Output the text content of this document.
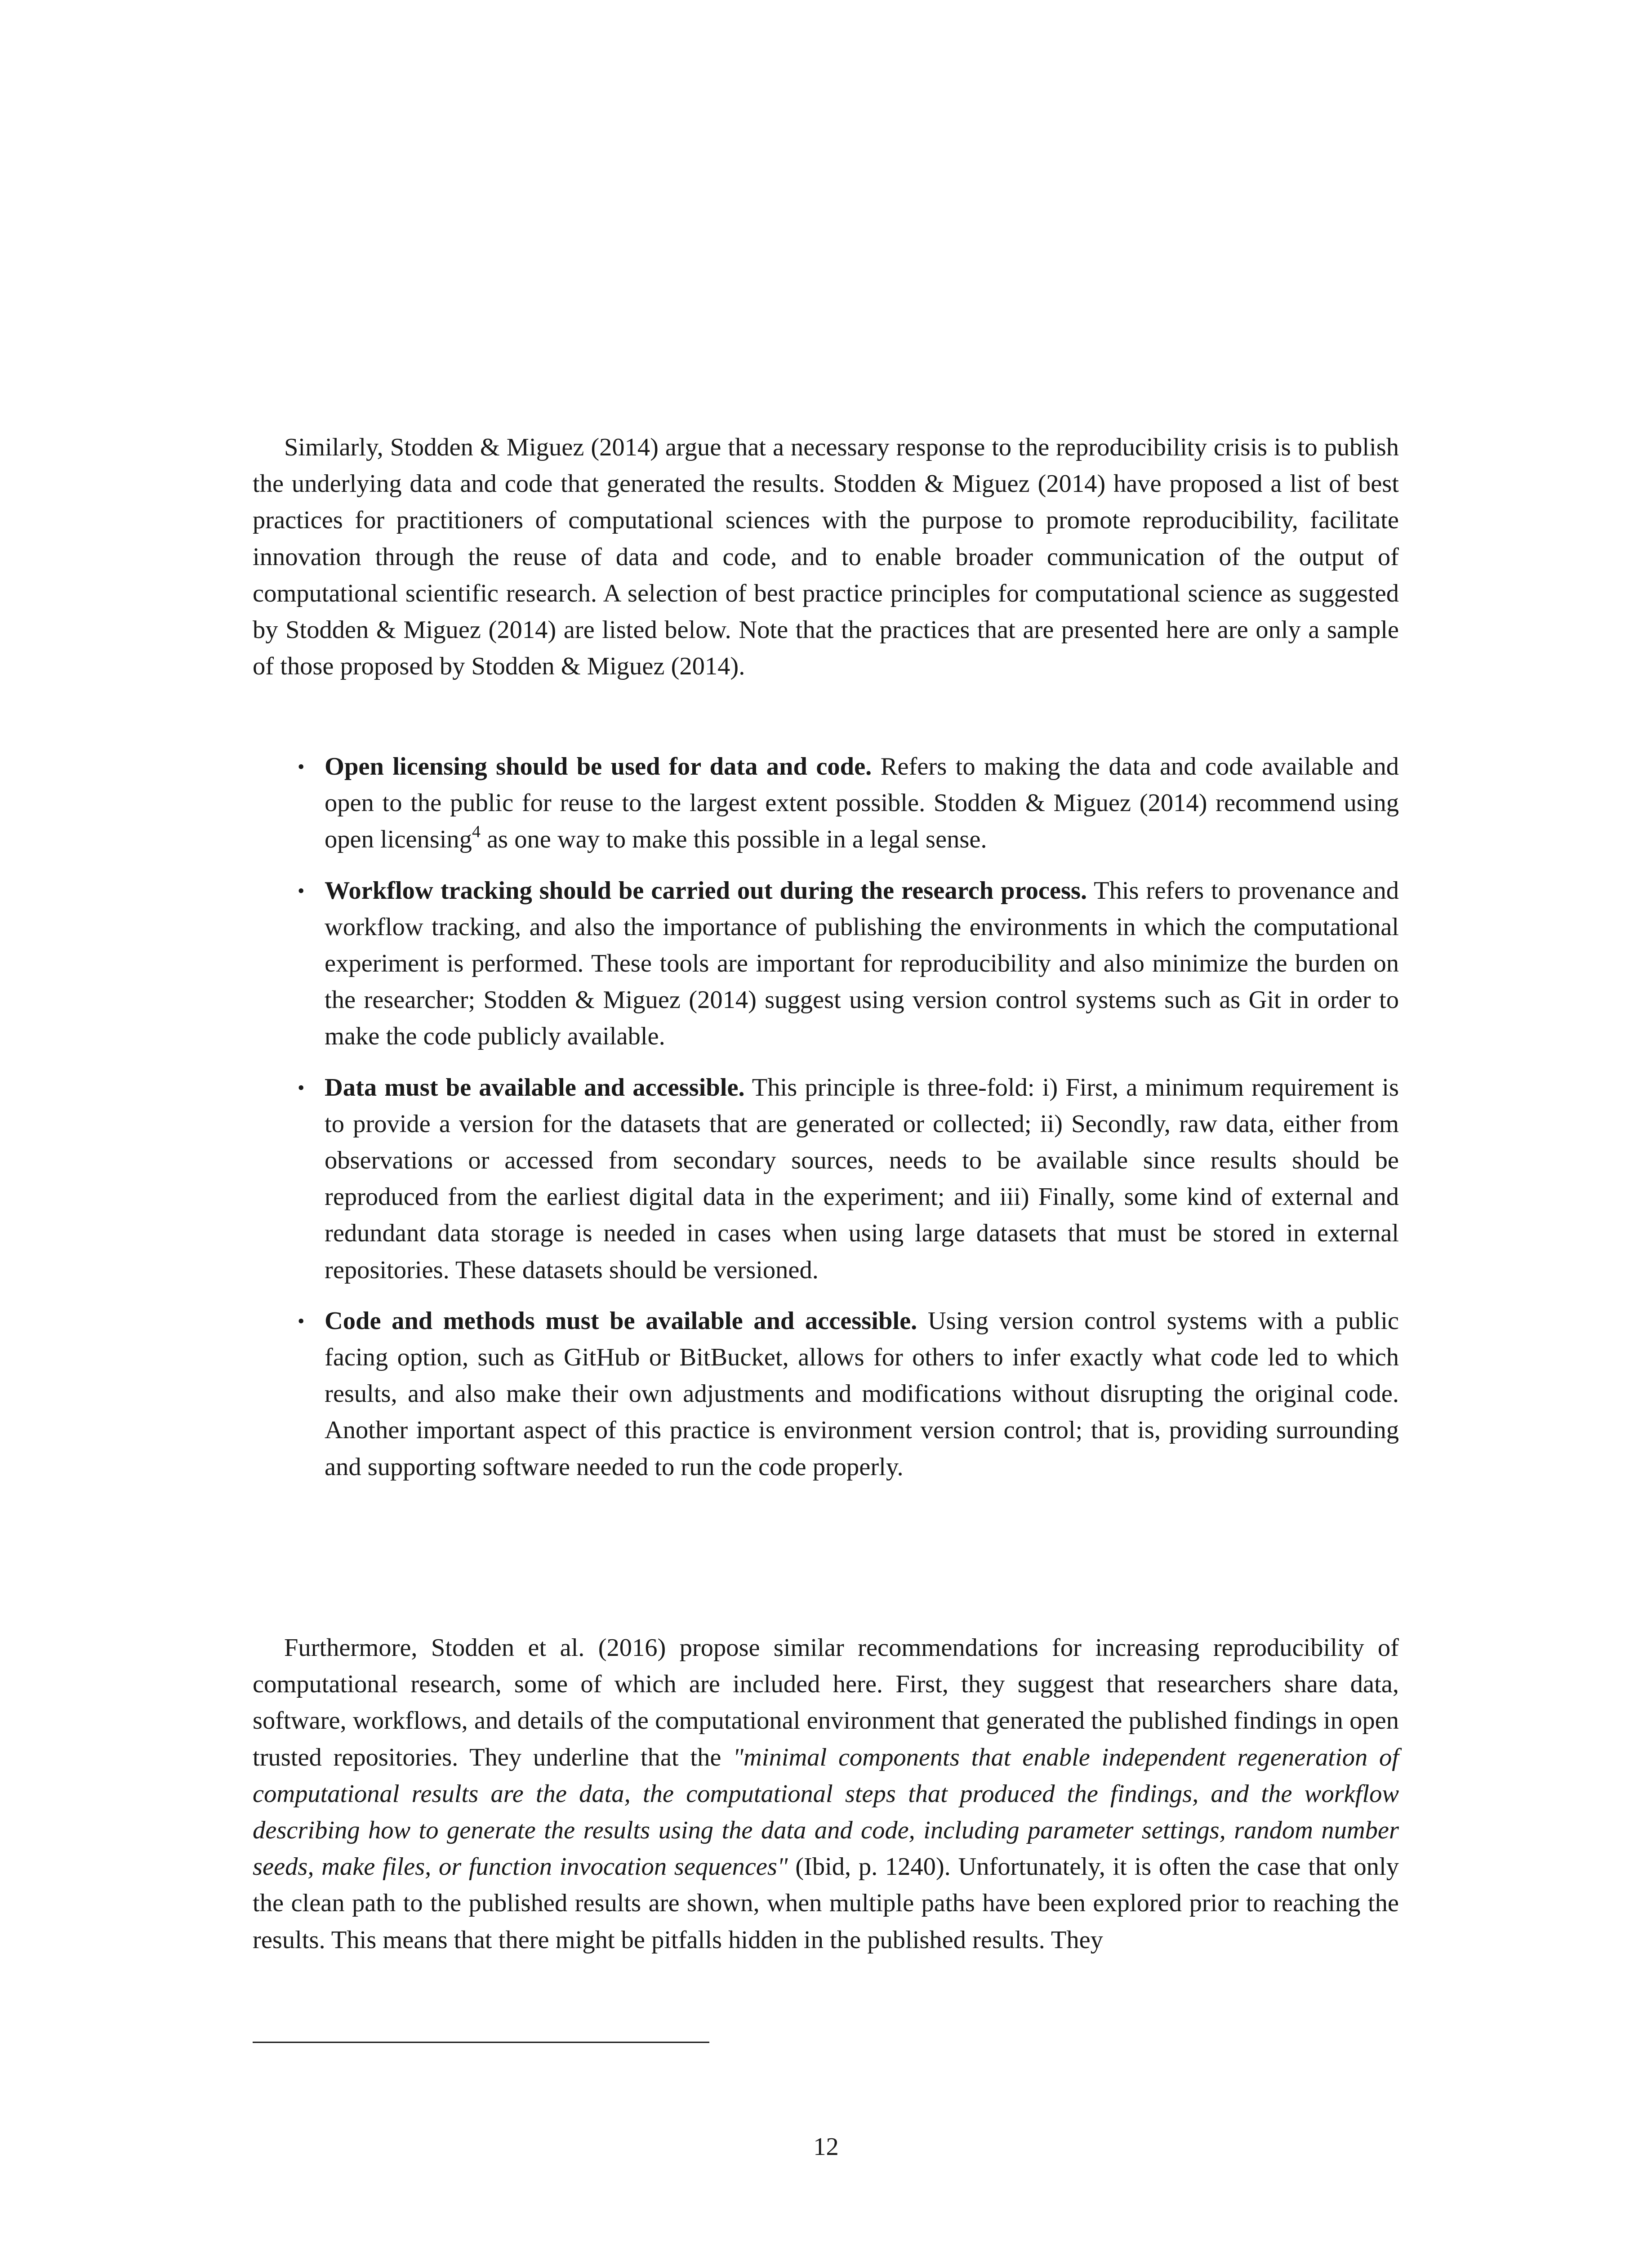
Similarly, Stodden & Miguez (2014) argue that a necessary response to the reproducibility crisis is to publish the underlying data and code that generated the results. Stodden & Miguez (2014) have proposed a list of best practices for practitioners of computational sciences with the purpose to promote reproducibility, facilitate innovation through the reuse of data and code, and to enable broader communication of the output of computational scientific research. A selection of best practice principles for computational science as suggested by Stodden & Miguez (2014) are listed below. Note that the practices that are presented here are only a sample of those proposed by Stodden & Miguez (2014).

• Open licensing should be used for data and code. Refers to making the data and code available and open to the public for reuse to the largest extent possible. Stodden & Miguez (2014) recommend using open licensing$^4$ as one way to make this possible in a legal sense.
• Workflow tracking should be carried out during the research process. This refers to provenance and workflow tracking, and also the importance of publishing the environments in which the computational experiment is performed. These tools are important for reproducibility and also minimize the burden on the researcher; Stodden & Miguez (2014) suggest using version control systems such as Git in order to make the code publicly available.
• Data must be available and accessible. This principle is three-fold: i) First, a minimum requirement is to provide a version for the datasets that are generated or collected; ii) Secondly, raw data, either from observations or accessed from secondary sources, needs to be available since results should be reproduced from the earliest digital data in the experiment; and iii) Finally, some kind of external and redundant data storage is needed in cases when using large datasets that must be stored in external repositories. These datasets should be versioned.
• Code and methods must be available and accessible. Using version control systems with a public facing option, such as GitHub or BitBucket, allows for others to infer exactly what code led to which results, and also make their own adjustments and modifications without disrupting the original code. Another important aspect of this practice is environment version control; that is, providing surrounding and supporting software needed to run the code properly.

Furthermore, Stodden et al. (2016) propose similar recommendations for increasing reproducibility of computational research, some of which are included here. First, they suggest that researchers share data, software, workflows, and details of the computational environment that generated the published findings in open trusted repositories. They underline that the "minimal components that enable independent regeneration of computational results are the data, the computational steps that produced the findings, and the workflow describing how to generate the results using the data and code, including parameter settings, random number seeds, make files, or function invocation sequences" (Ibid, p. 1240). Unfortunately, it is often the case that only the clean path to the published results are shown, when multiple paths have been explored prior to reaching the results. This means that there might be pitfalls hidden in the published results. They

12
